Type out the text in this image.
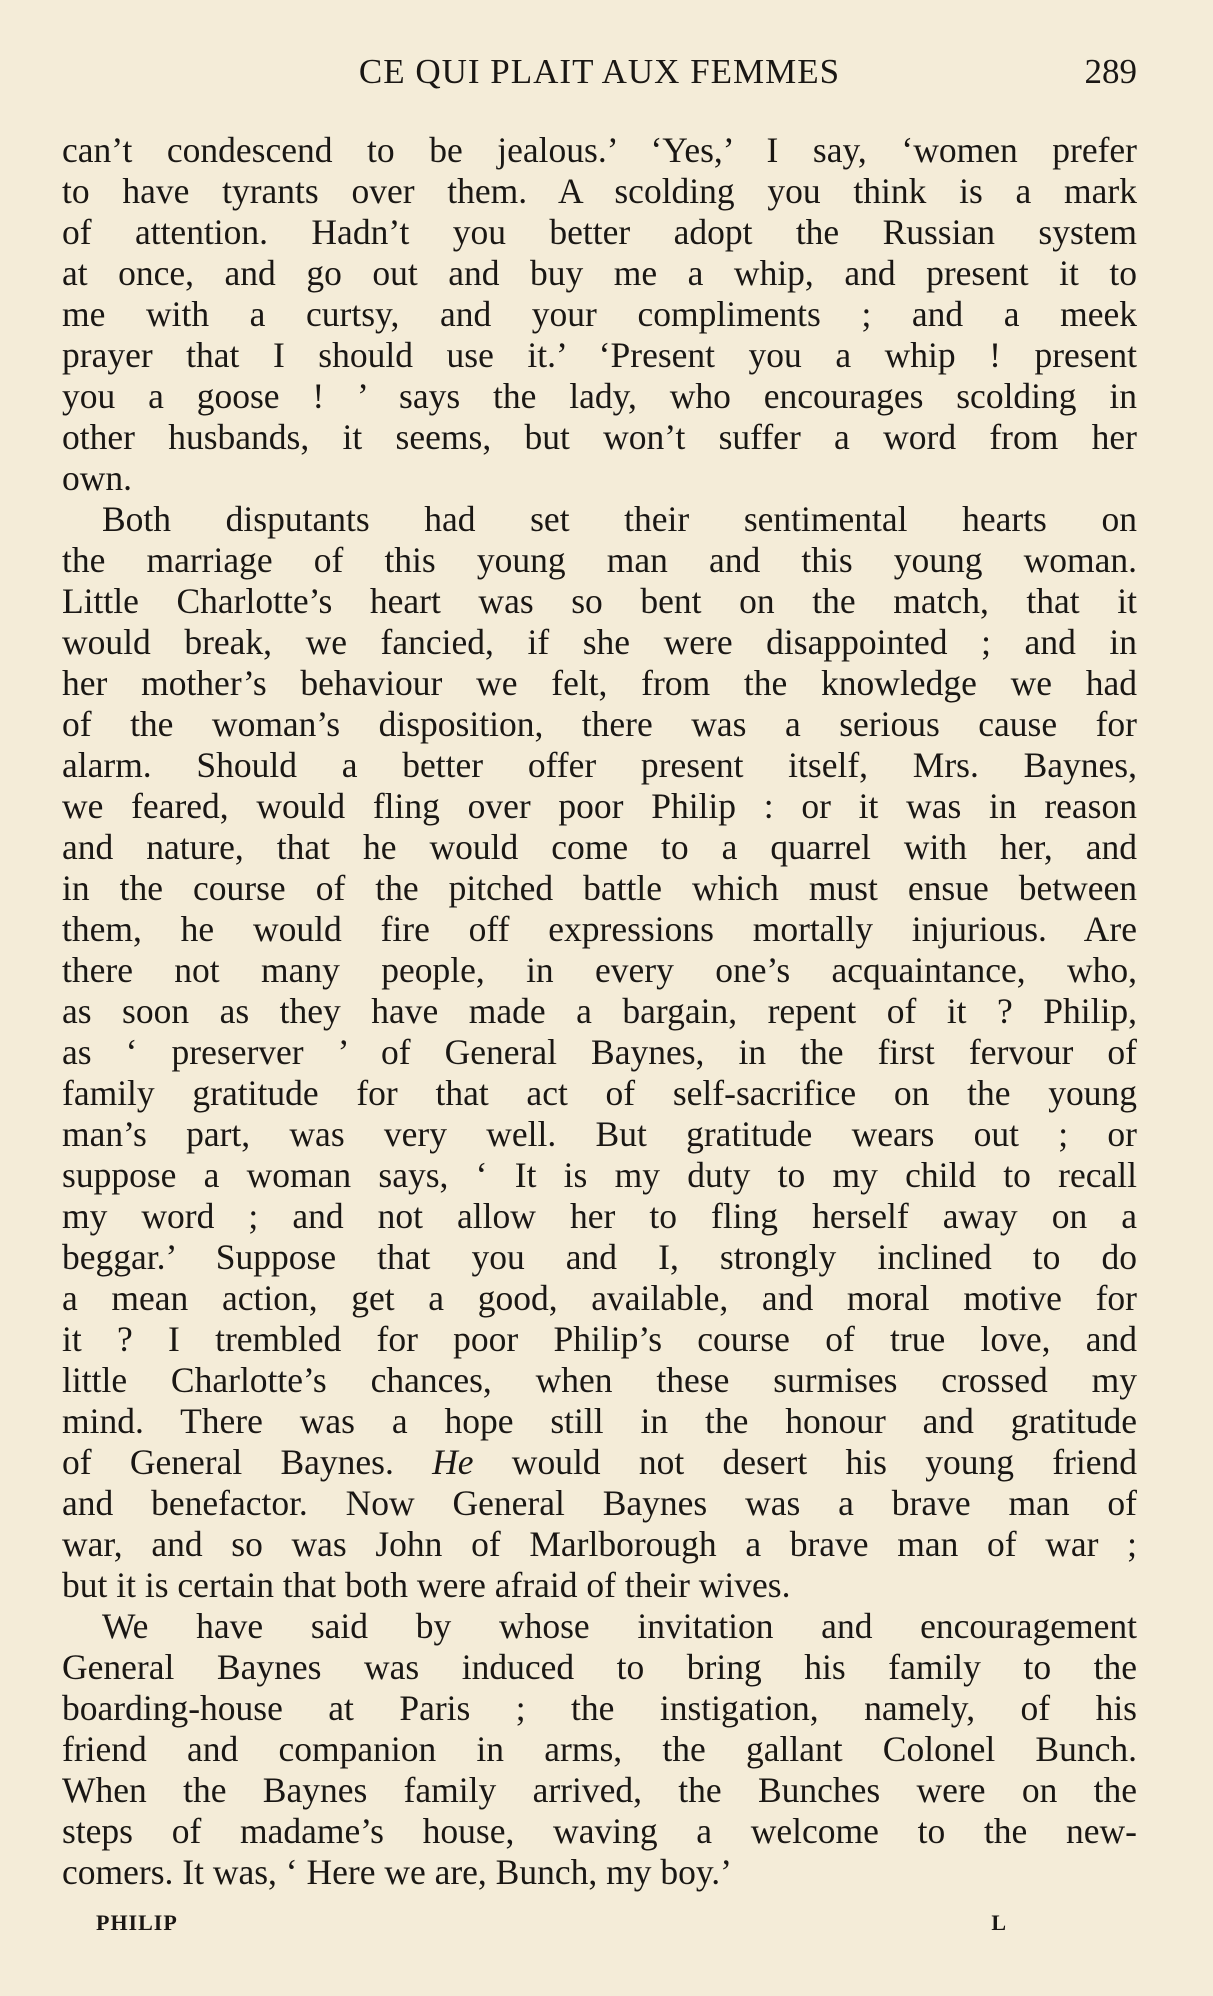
CE QUI PLAIT AUX FEMMES	289
can’t condescend to be jealous.’ ‘Yes,’ I say, ‘women prefer
to have tyrants over them. A scolding you think is a mark
of attention. Hadn’t you better adopt the Russian system
at once, and go out and buy me a whip, and present it to
me with a curtsy, and your compliments ; and a meek
prayer that I should use it.’ ‘Present you a whip ! present
you a goose ! ’ says the lady, who encourages scolding in
other husbands, it seems, but won’t suffer a word from her
own.
Both disputants had set their sentimental hearts on
the marriage of this young man and this young woman.
Little Charlotte’s heart was so bent on the match, that it
would break, we fancied, if she were disappointed ; and in
her mother’s behaviour we felt, from the knowledge we had
of the woman’s disposition, there was a serious cause for
alarm. Should a better offer present itself, Mrs. Baynes,
we feared, would fling over poor Philip : or it was in reason
and nature, that he would come to a quarrel with her, and
in the course of the pitched battle which must ensue between
them, he would fire off expressions mortally injurious. Are
there not many people, in every one’s acquaintance, who,
as soon as they have made a bargain, repent of it ? Philip,
as ‘ preserver ’ of General Baynes, in the first fervour of
family gratitude for that act of self-sacrifice on the young
man’s part, was very well. But gratitude wears out ; or
suppose a woman says, ‘ It is my duty to my child to recall
my word ; and not allow her to fling herself away on a
beggar.’ Suppose that you and I, strongly inclined to do
a mean action, get a good, available, and moral motive for
it ? I trembled for poor Philip’s course of true love, and
little Charlotte’s chances, when these surmises crossed my
mind. There was a hope still in the honour and gratitude
of General Baynes. He would not desert his young friend
and benefactor. Now General Baynes was a brave man of
war, and so was John of Marlborough a brave man of war ;
but it is certain that both were afraid of their wives.
We have said by whose invitation and encouragement
General Baynes was induced to bring his family to the
boarding-house at Paris ; the instigation, namely, of his
friend and companion in arms, the gallant Colonel Bunch.
When the Baynes family arrived, the Bunches were on the
steps of madame’s house, waving a welcome to the new-
comers. It was, ‘ Here we are, Bunch, my boy.’
PHILIP	L
